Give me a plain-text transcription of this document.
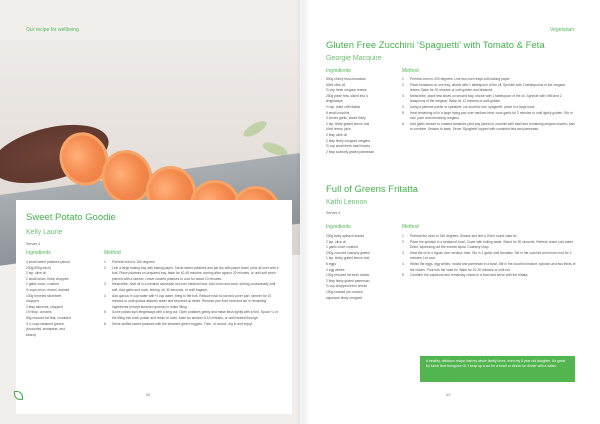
Our recipe for wellbeing
Sweet Potato Goodie
Kelly Laurie
Serves 4
Ingredients	Method
4 small sweet potatoes (about
200g/300g each)
2 tsp. olive oil
1 small onion, finely chopped
1 garlic clove, crushed
½ cups onion, rinsed, drained
100g trimmed silverbeet,
chopped
2 tbsp almonds, chopped
1½ tbsp. currants
80g reduced fat feta, crumbled
3 ¼ cups steamed greens
(broccolini, snowpeas, and
beans)
1 Preheat oven to 180 degrees.
2 Line a large baking tray with baking paper. Scrub sweet potatoes and pat dry with paper towel, prick all over with a fork. Place potatoes on prepared tray, bake for 40-45 minutes, turning after approx 20 minutes, or until soft when pierced with a skewer. Leave cooked potatoes to cool for about 10 minutes.
3 Meanwhile, heat oil in a medium saucepan set over medium heat. Add onion and cook, stirring occasionally until soft. Add garlic and cook, stirring, for 30 seconds, or until fragrant.
4 Add quinoa ½ cup water with ½ cup water, bring to the boil. Reduce heat to low and cover pan; simmer for 10 minutes or until quinoa absorbs water and becomes al dente. Remove pan from heat and stir in remaining ingredients (except steamed greens) to make filling.
5 Score potato tops lengthways with a long cut. Open potatoes gently and mash flesh lightly with a fork. Spoon ¼ of the filling into each potato and return to oven; bake for another 5-10 minutes, or until heated through.
6 Serve stuffed sweet potatoes with the steamed green veggies. Then, of course, dig in and enjoy!
66
Vegetarian
Gluten Free Zucchini ‘Spaguetti’ with Tomato & Feta
Georgie Macquire
Ingredients	Method
800g cherry truss tomatoes
60ml olive oil
½ cup fresh oregano leaves
200g piece feta, sliced into 4
lengthways
½ tsp. dried chilli flakes
6 small zucchini
3 cloves garlic, sliced thinly
2 tsp. finely grated lemon rind
60ml lemon juice
2 tbsp olive oil
2 tbsp finely chopped oregano
½ cup small fresh basil leaves
2 tbsp coarsely grated parmesan
1 Preheat oven to 200 degrees. Line two oven trays with baking paper.
2 Place tomatoes on one tray, drizzle with 1 tablespoon of the oil. Sprinkle with 2 tablespoons of the oregano leaves. Bake for 20 minutes or until golden and blistered.
3 Meanwhile, place feta slices on second tray, drizzle with 1 tablespoon of the oil. Sprinkle with chilli and 2 teaspoons of the oregano. Bake for 12 minutes or until golden.
4 Using a julienne peeler or spiralizer, cut zucchini into ‘spaghetti’; place in a large bowl.
5 Heat remaining oil in a large frying pan over medium heat; cook garlic for 2 minutes or until lightly golden. Stir in rind, juice and remaining oregano.
6 Add garlic mixture to roasted tomatoes (and any juices) to zucchini with basil and remaining oregano leaves; toss to combine. Season to taste. Serve ‘Spaghetti’ topped with crumbled feta and parmesan.
Full of Greens Fritatta
Kathi Lennon
Serves 4
Ingredients	Method
200g baby spinach leaves
2 tsp. olive oil
1 garlic clove crushed
200g zucchini coarsely grated
1 tsp. finely grated lemon rind
6 eggs
4 egg whites
100g reduced fat fresh ricotta
2 tbsp finely grated parmesan
½ cup chopped fresh chives
100g roasted pre-cooked
capsicum finely chopped
1 Preheat the oven to 180 degrees. Grease and line a 20cm round cake tin.
2 Place the spinach in a heatproof bowl. Cover with boiling water. Stand for 30 seconds. Refresh under cold water. Drain, squeezing out the excess liquid. Coarsely chop.
3 Heat the oil in a frypan over medium heat. Stir in 1 garlic until aromatic. Stir in the zucchini and lemon rind for 2 minutes. Let cool.
4 Whisk the eggs, egg whites, ricotta and parmesan in a bowl. Stir in the zucchini mixture, spinach and two thirds of the chives. Pour into the cake tin. Bake for 20-30 minutes or until set.
5 Combine the capsicum and remaining chives in a bowl and serve with the frittata.
A healthy, delicious recipe that my whole family loves, even my 8 year old daughter. It's great for lunch time being low GI. I wrap up a cut for a lunch or dinner for dinner with a salad.
69
